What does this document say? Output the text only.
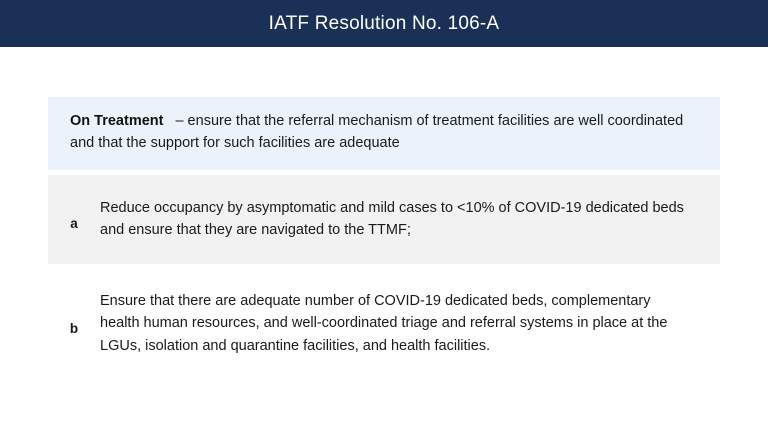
IATF Resolution No. 106-A

On Treatment – ensure that the referral mechanism of treatment facilities are well coordinated and that the support for such facilities are adequate

a

Reduce occupancy by asymptomatic and mild cases to <10% of COVID-19 dedicated beds and ensure that they are navigated to the TTMF;

b

Ensure that there are adequate number of COVID-19 dedicated beds, complementary health human resources, and well-coordinated triage and referral systems in place at the LGUs, isolation and quarantine facilities, and health facilities.
